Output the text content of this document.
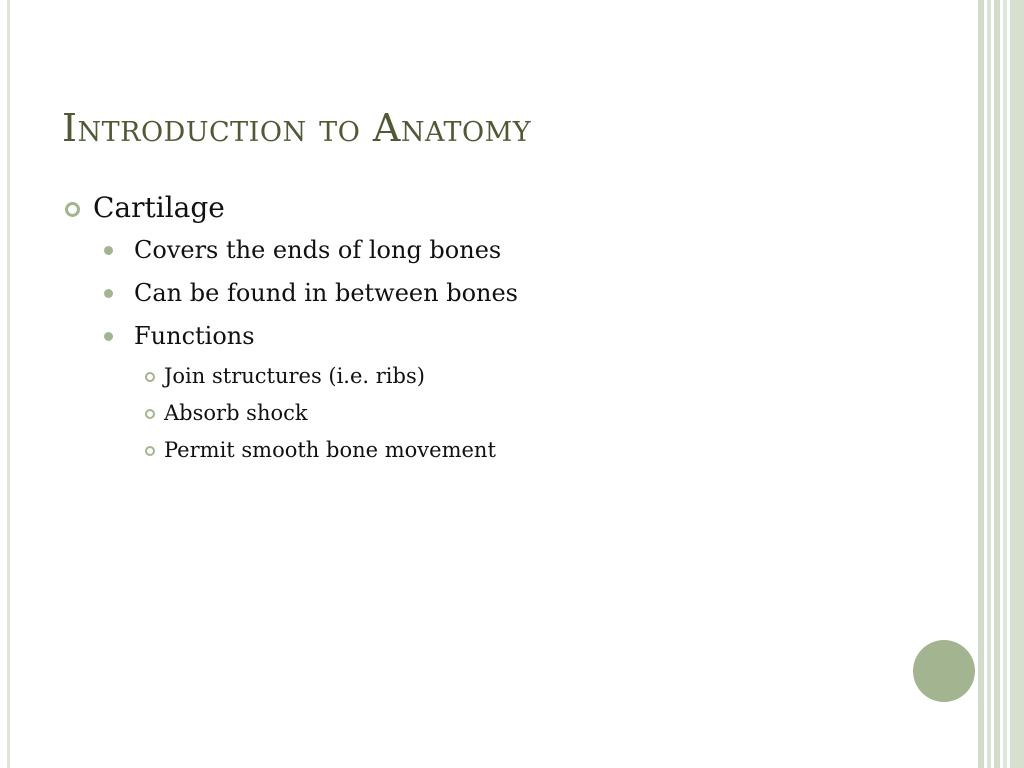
Introduction to Anatomy
Cartilage
Covers the ends of long bones
Can be found in between bones
Functions
Join structures (i.e. ribs)
Absorb shock
Permit smooth bone movement
